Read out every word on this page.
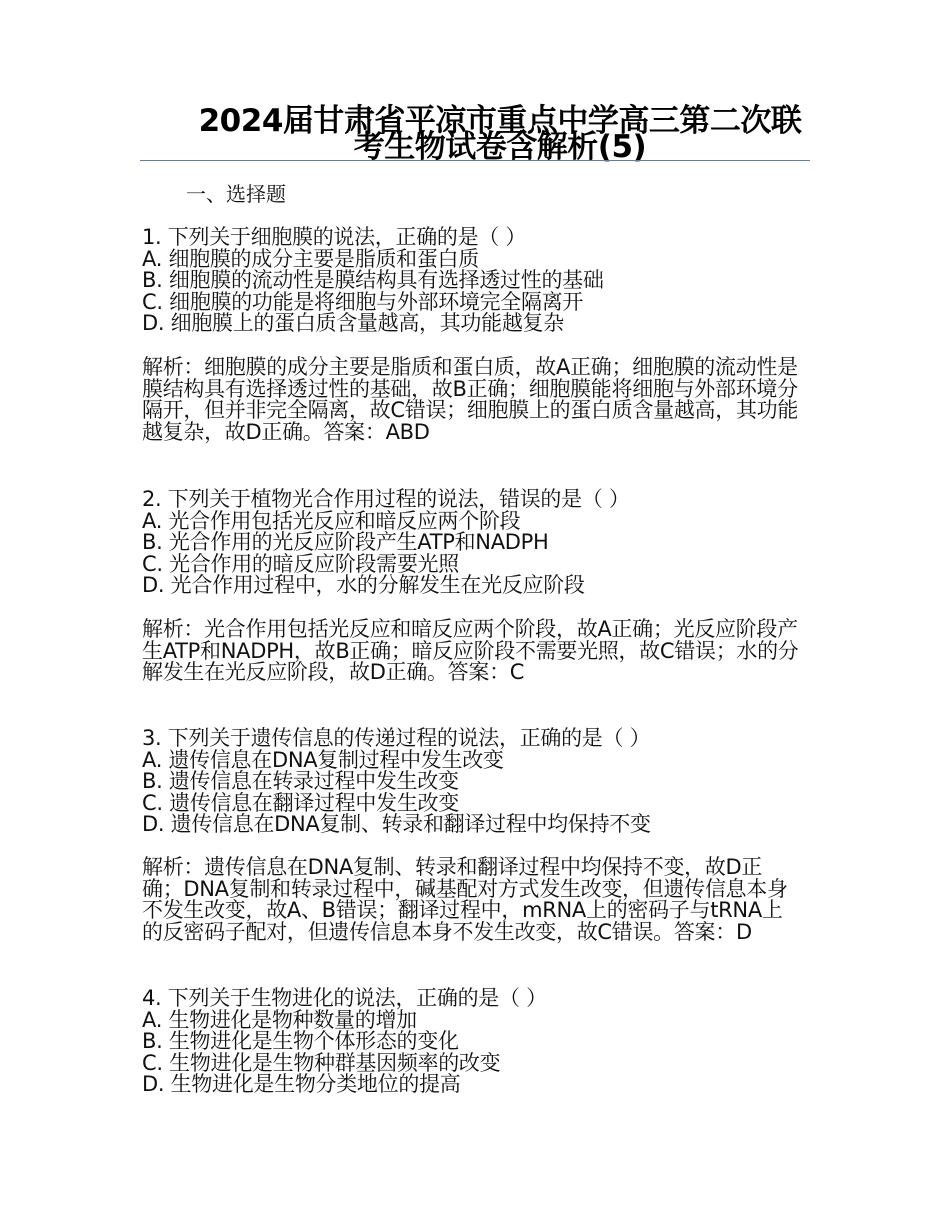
2024届甘肃省平凉市重点中学高三第二次联考生物试卷含解析(5)
一、选择题

1. 下列关于细胞膜的说法，正确的是（ ）

A. 细胞膜的成分主要是脂质和蛋白质
B. 细胞膜的流动性是膜结构具有选择透过性的基础
C. 细胞膜的功能是将细胞与外部环境完全隔离开
D. 细胞膜上的蛋白质含量越高，其功能越复杂

解析：细胞膜的成分主要是脂质和蛋白质，故A正确；细胞膜的流动性是膜结构具有选择透过性的基础，故B正确；细胞膜能将细胞与外部环境分隔开，但并非完全隔离，故C错误；细胞膜上的蛋白质含量越高，其功能越复杂，故D正确。答案：ABD

2. 下列关于植物光合作用过程的说法，错误的是（ ）

A. 光合作用包括光反应和暗反应两个阶段
B. 光合作用的光反应阶段产生ATP和NADPH
C. 光合作用的暗反应阶段需要光照
D. 光合作用过程中，水的分解发生在光反应阶段

解析：光合作用包括光反应和暗反应两个阶段，故A正确；光反应阶段产生ATP和NADPH，故B正确；暗反应阶段不需要光照，故C错误；水的分解发生在光反应阶段，故D正确。答案：C

3. 下列关于遗传信息的传递过程的说法，正确的是（ ）

A. 遗传信息在DNA复制过程中发生改变
B. 遗传信息在转录过程中发生改变
C. 遗传信息在翻译过程中发生改变
D. 遗传信息在DNA复制、转录和翻译过程中均保持不变

解析：遗传信息在DNA复制、转录和翻译过程中均保持不变，故D正确；DNA复制和转录过程中，碱基配对方式发生改变，但遗传信息本身不发生改变，故A、B错误；翻译过程中，mRNA上的密码子与tRNA上的反密码子配对，但遗传信息本身不发生改变，故C错误。答案：D

4. 下列关于生物进化的说法，正确的是（ ）

A. 生物进化是物种数量的增加
B. 生物进化是生物个体形态的变化
C. 生物进化是生物种群基因频率的改变
D. 生物进化是生物分类地位的提高
